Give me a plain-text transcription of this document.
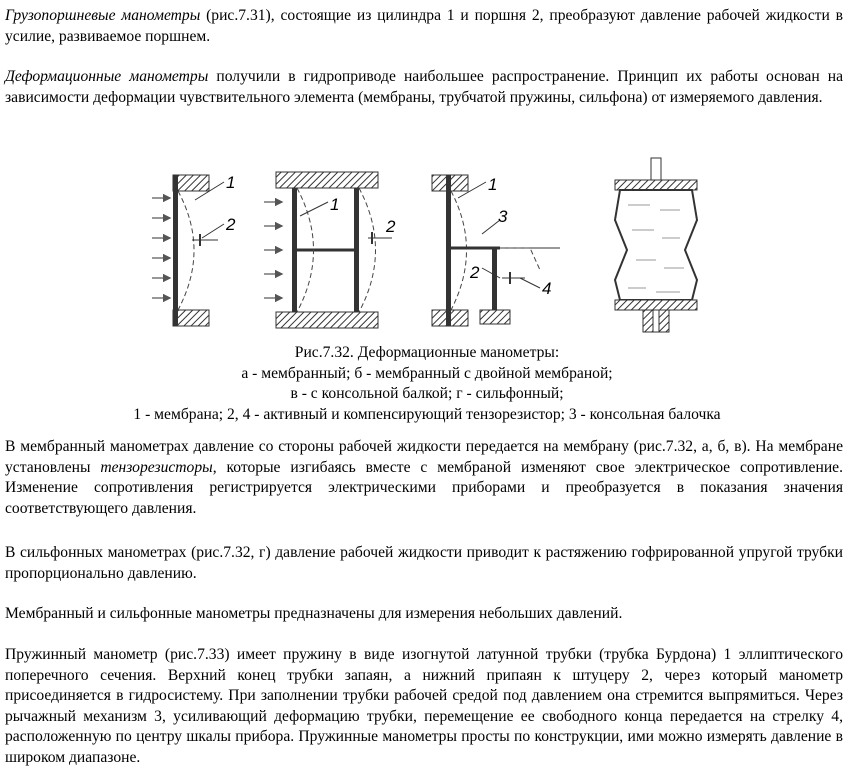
Грузопоршневые манометры (рис.7.31), состоящие из цилиндра 1 и поршня 2, преобразуют давление рабочей жидкости в усилие, развиваемое поршнем.

Деформационные манометры получили в гидроприводе наибольшее распространение. Принцип их работы основан на зависимости деформации чувствительного элемента (мембраны, трубчатой пружины, сильфона) от измеряемого давления.

1
2
1
2
1
2
3
4
Рис.7.32. Деформационные манометры:
а - мембранный; б - мембранный с двойной мембраной;
в - с консольной балкой; г - сильфонный;
1 - мембрана; 2, 4 - активный и компенсирующий тензорезистор; 3 - консольная балочка

В мембранный манометрах давление со стороны рабочей жидкости передается на мембрану (рис.7.32, а, б, в). На мембране установлены тензорезисторы, которые изгибаясь вместе с мембраной изменяют свое электрическое сопротивление. Изменение сопротивления регистрируется электрическими приборами и преобразуется в показания значения соответствующего давления.

В сильфонных манометрах (рис.7.32, г) давление рабочей жидкости приводит к растяжению гофрированной упругой трубки пропорционально давлению.

Мембранный и сильфонные манометры предназначены для измерения небольших давлений.

Пружинный манометр (рис.7.33) имеет пружину в виде изогнутой латунной трубки (трубка Бурдона) 1 эллиптического поперечного сечения. Верхний конец трубки запаян, а нижний припаян к штуцеру 2, через который манометр присоединяется в гидросистему. При заполнении трубки рабочей средой под давлением она стремится выпрямиться. Через рычажный механизм 3, усиливающий деформацию трубки, перемещение ее свободного конца передается на стрелку 4, расположенную по центру шкалы прибора. Пружинные манометры просты по конструкции, ими можно измерять давление в широком диапазоне.
